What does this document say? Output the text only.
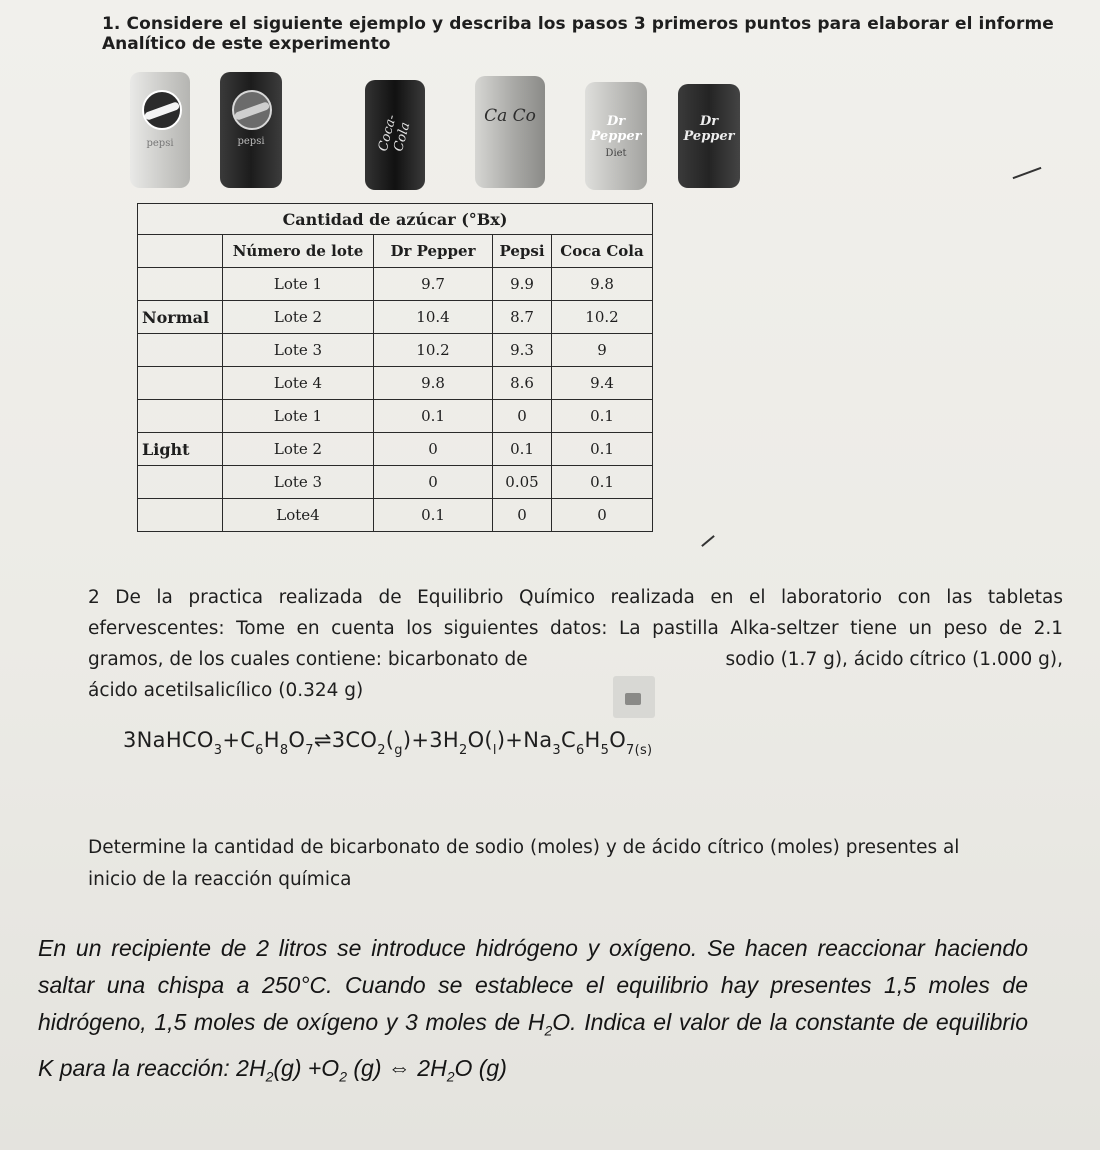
1. Considere el siguiente ejemplo y describa los pasos 3 primeros puntos para elaborar el informe
Analítico de este experimento
pepsi	pepsi	Coca-Cola
Ca Co	Dr Pepper
Diet
Dr Pepper
Cantidad de azúcar (°Bx)				
	Número de lote	Dr Pepper	Pepsi	Coca Cola
	Lote 1	9.7	9.9	9.8
Normal	Lote 2	10.4	8.7	10.2
	Lote 3	10.2	9.3	9
	Lote 4	9.8	8.6	9.4
	Lote 1	0.1	0	0.1
Light	Lote 2	0	0.1	0.1
	Lote 3	0	0.05	0.1
	Lote4	0.1	0	0

2 De la practica realizada de Equilibrio Químico realizada en el laboratorio con las tabletas

efervescentes: Tome en cuenta los siguientes datos: La pastilla Alka-seltzer tiene un peso de 2.1

gramos, de los cuales contiene: bicarbonato de	sodio (1.7 g), ácido cítrico (1.000 g),

ácido acetilsalicílico (0.324 g)

$3NaHCO_3+C_6H_8O_7\rightleftharpoons 3CO_2(_g)+3H_2O(_l)+Na_3C_6H_5O_{7(s)}$

Determine la cantidad de bicarbonato de sodio (moles) y de ácido cítrico (moles) presentes al

inicio de la reacción química

En un recipiente de 2 litros se introduce hidrógeno y oxígeno. Se hacen reaccionar haciendo

saltar una chispa a 250°C. Cuando se establece el equilibrio hay presentes 1,5 moles de

hidrógeno, 1,5 moles de oxígeno y 3 moles de $H_2O$. Indica el valor de la constante de equilibrio

K para la reacción: $2H_2(g) +O_2$ (g) ⇔ $2H_2O$ (g)
